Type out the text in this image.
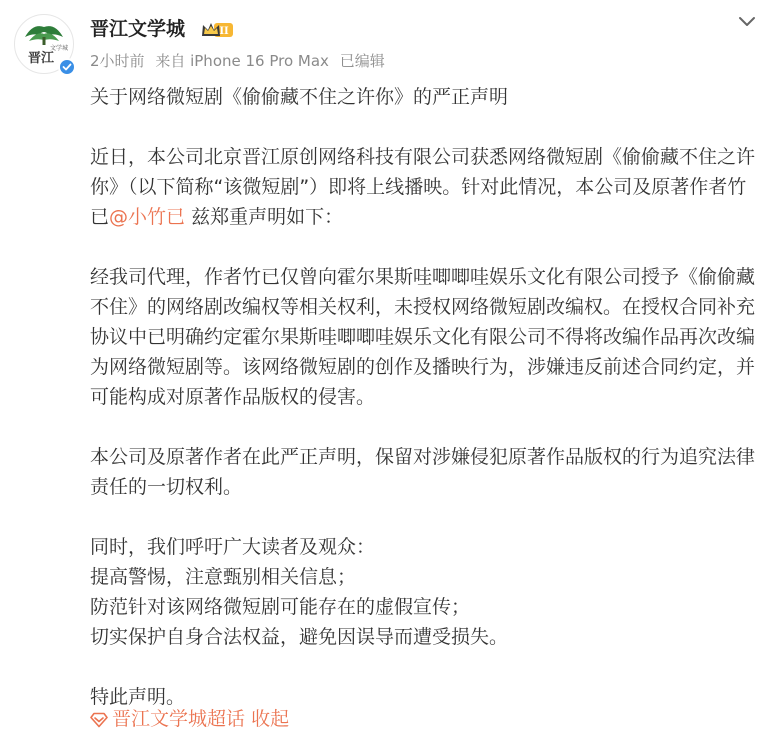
文学城
晋江
晋江文学城	II
2小时前 来自 iPhone 16 Pro Max 已编辑

关于网络微短剧《偷偷藏不住之许你》的严正声明

近日，本公司北京晋江原创网络科技有限公司获悉网络微短剧《偷偷藏不住之许你》（以下简称“该微短剧”）即将上线播映。针对此情况，本公司及原著作者竹已@小竹已 兹郑重声明如下：

经我司代理，作者竹已仅曾向霍尔果斯哇唧唧哇娱乐文化有限公司授予《偷偷藏不住》的网络剧改编权等相关权利，未授权网络微短剧改编权。在授权合同补充协议中已明确约定霍尔果斯哇唧唧哇娱乐文化有限公司不得将改编作品再次改编为网络微短剧等。该网络微短剧的创作及播映行为，涉嫌违反前述合同约定，并可能构成对原著作品版权的侵害。

本公司及原著作者在此严正声明，保留对涉嫌侵犯原著作品版权的行为追究法律责任的一切权利。

同时，我们呼吁广大读者及观众：

提高警惕，注意甄别相关信息；

防范针对该网络微短剧可能存在的虚假宣传；

切实保护自身合法权益，避免因误导而遭受损失。

特此声明。

晋江文学城超话 收起
